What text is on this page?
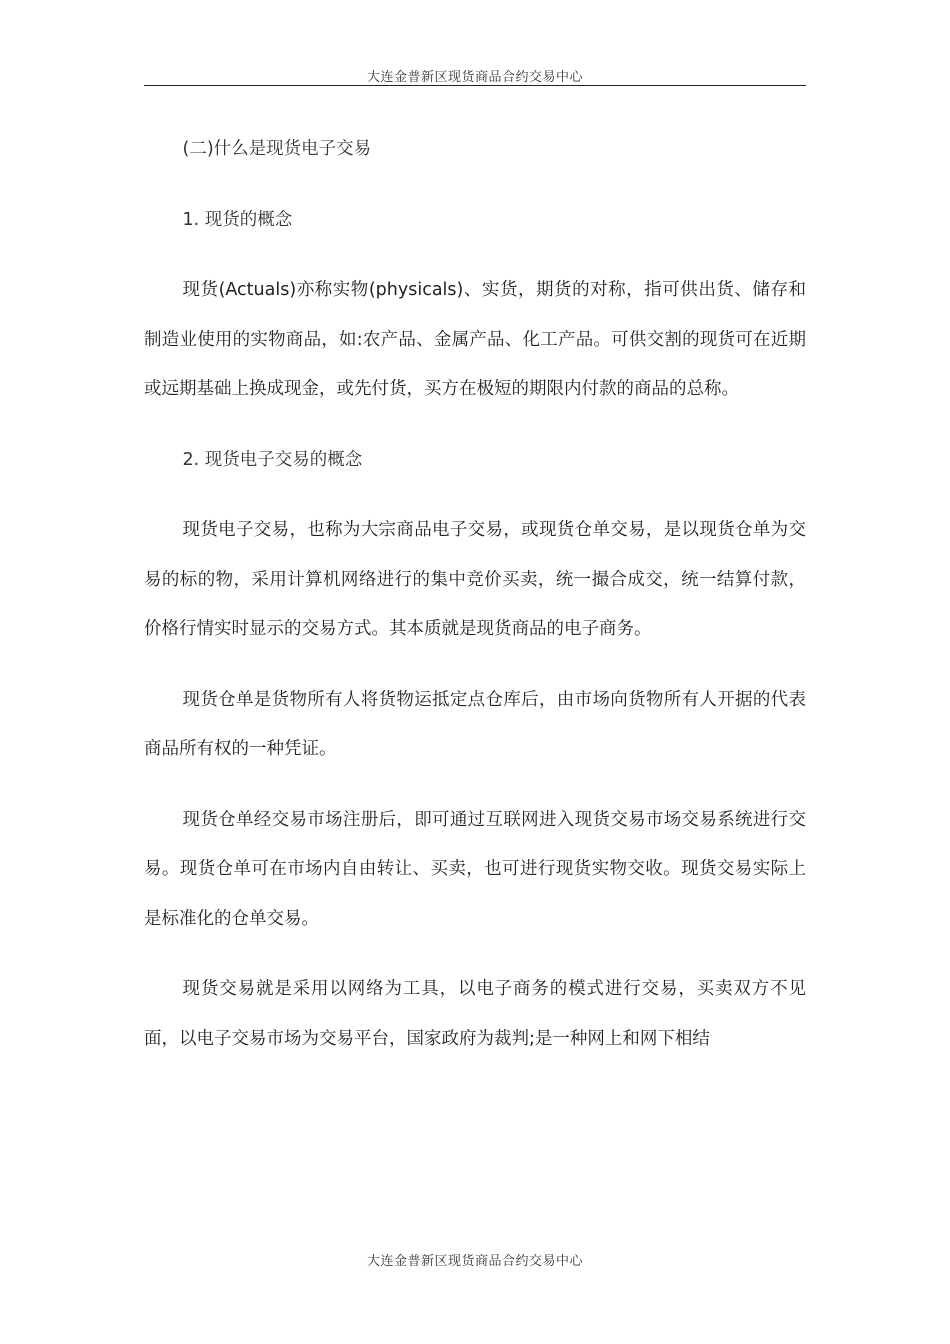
大连金普新区现货商品合约交易中心

(二)什么是现货电子交易

1. 现货的概念

现货(Actuals)亦称实物(physicals)、实货，期货的对称，指可供出货、储存和制造业使用的实物商品，如:农产品、金属产品、化工产品。可供交割的现货可在近期或远期基础上换成现金，或先付货，买方在极短的期限内付款的商品的总称。

2. 现货电子交易的概念

现货电子交易，也称为大宗商品电子交易，或现货仓单交易，是以现货仓单为交易的标的物，采用计算机网络进行的集中竞价买卖，统一撮合成交，统一结算付款，价格行情实时显示的交易方式。其本质就是现货商品的电子商务。

现货仓单是货物所有人将货物运抵定点仓库后，由市场向货物所有人开据的代表商品所有权的一种凭证。

现货仓单经交易市场注册后，即可通过互联网进入现货交易市场交易系统进行交易。现货仓单可在市场内自由转让、买卖，也可进行现货实物交收。现货交易实际上是标准化的仓单交易。

现货交易就是采用以网络为工具，以电子商务的模式进行交易，买卖双方不见面，以电子交易市场为交易平台，国家政府为裁判;是一种网上和网下相结

大连金普新区现货商品合约交易中心
